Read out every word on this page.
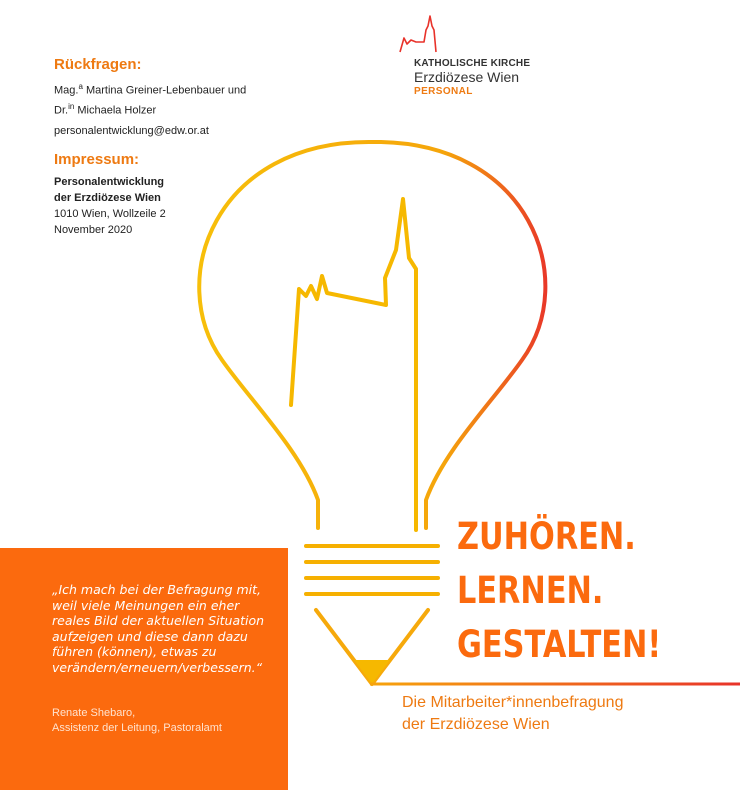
Rückfragen:
Mag.$^a$ Martina Greiner-Lebenbauer und
Dr.$^{in}$ Michaela Holzer
personalentwicklung@edw.or.at
Impressum:
Personalentwicklung
der Erzdiözese Wien
1010 Wien, Wollzeile 2
November 2020
KATHOLISCHE KIRCHE
Erzdiözese Wien
PERSONAL

„Ich mach bei der Befragung mit, weil viele Meinungen ein eher reales Bild der aktuellen Situation aufzeigen und diese dann dazu führen (können), etwas zu verändern/erneuern/verbessern.“

Renate Shebaro,
Assistenz der Leitung, Pastoralamt
ZUHÖREN.
LERNEN.
GESTALTEN!
Die Mitarbeiter*innenbefragung
der Erzdiözese Wien
